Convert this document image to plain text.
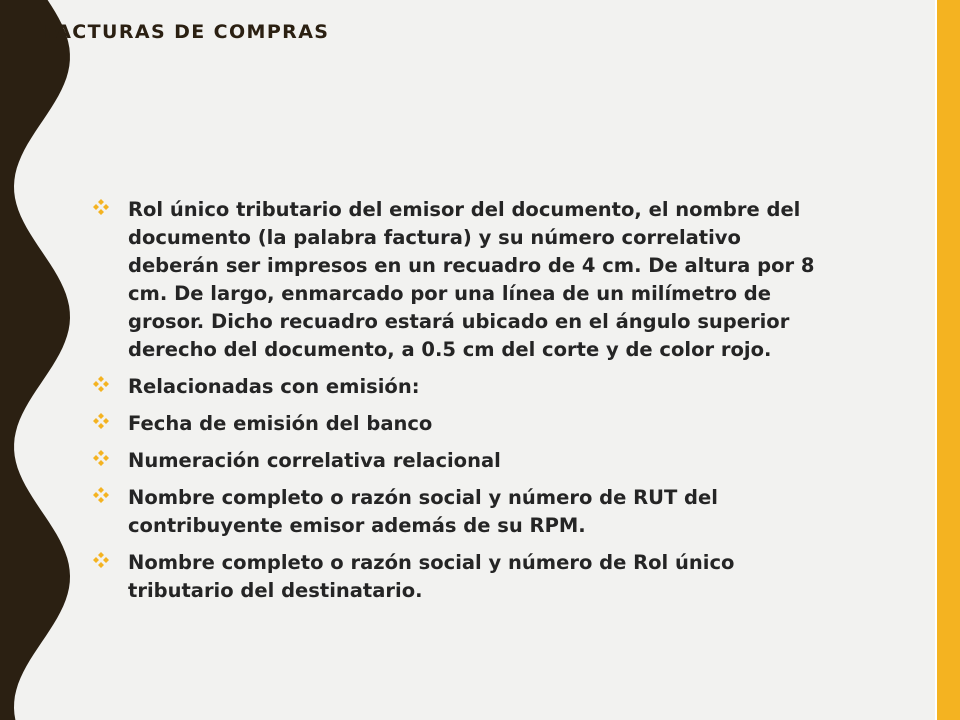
FACTURAS DE COMPRAS
Rol único tributario del emisor del documento, el nombre del documento (la palabra factura) y su número correlativo deberán ser impresos en un recuadro de 4 cm. De altura por 8 cm. De largo, enmarcado por una línea de un milímetro de grosor. Dicho recuadro estará ubicado en el ángulo superior derecho del documento, a 0.5 cm del corte y de color rojo.
Relacionadas con emisión:
Fecha de emisión del banco
Numeración correlativa relacional
Nombre completo o razón social y número de RUT del contribuyente emisor además de su RPM.
Nombre completo o razón social y número de Rol único tributario del destinatario.
